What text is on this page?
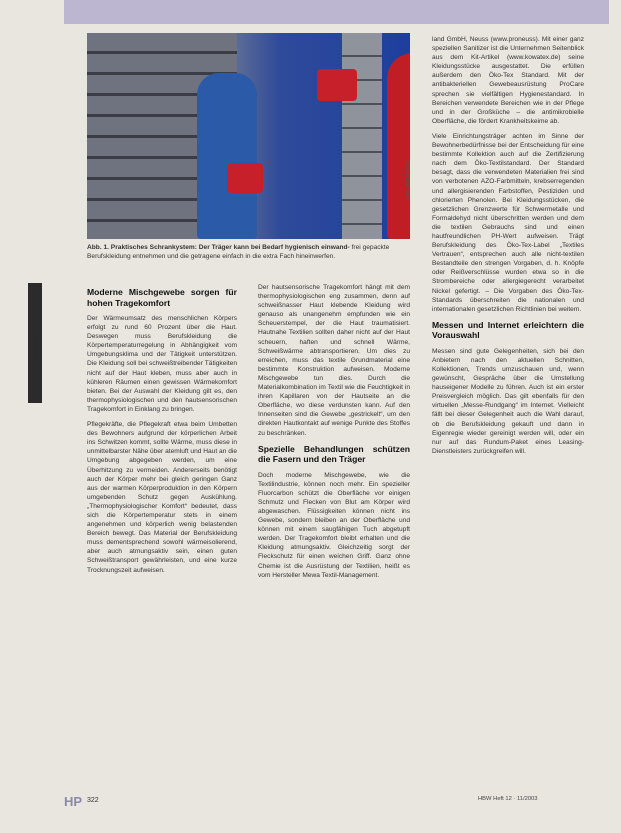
Foto: HMS/Mewa
Abb. 1. Praktisches Schrankystem: Der Träger kann bei Bedarf hygienisch einwand- frei gepackte Berufskleidung entnehmen und die getragene einfach in die extra Fach hineinwerfen.
Küche/Hauswirtschaft
Moderne Mischgewebe sorgen für hohen Tragekomfort

Der Wärmeumsatz des menschlichen Körpers erfolgt zu rund 60 Prozent über die Haut. Deswegen muss Berufskleidung die Körpertemperaturregelung in Abhängigkeit vom Umgebungsklima und der Tätigkeit unterstützen. Die Kleidung soll bei schweißtreibender Tätigkeiten nicht auf der Haut kleben, muss aber auch in kühleren Räumen einen gewissen Wärmekomfort bieten. Bei der Auswahl der Kleidung gilt es, den thermophysiologischen und den hautsensorischen Tragekomfort in Einklang zu bringen.

Pflegekräfte, die Pflegekraft etwa beim Umbetten des Bewohners aufgrund der körperlichen Arbeit ins Schwitzen kommt, sollte Wärme, muss diese in unmittelbarster Nähe über atemluft und Haut an die Umgebung abgegeben werden, um eine Überhitzung zu vermeiden. Andererseits benötigt auch der Körper mehr bei gleich geringen Ganz aus der warmen Körperproduktion in den Körpern umgebenden Schutz gegen Auskühlung. „Thermophysiologischer Komfort“ bedeutet, dass sich die Körpertemperatur stets in einem angenehmen und körperlich wenig belastenden Bereich bewegt. Das Material der Berufskleidung muss dementsprechend sowohl wärmeisolierend, aber auch atmungsaktiv sein, einen guten Schweißtransport gewährleisten, und eine kurze Trocknungszeit aufweisen.

Der hautsensorische Tragekomfort hängt mit dem thermophysiologischen eng zusammen, denn auf schweißnasser Haut klebende Kleidung wird genauso als unangenehm empfunden wie ein Scheuerstempel, der die Haut traumatisiert. Hautnahe Textilien sollten daher nicht auf der Haut scheuern, haften und schnell Wärme, Schweißwärme abtransportieren. Um dies zu erreichen, muss das textile Grundmaterial eine bestimmte Konstruktion aufweisen. Moderne Mischgewebe tun dies. Durch die Materialkombination im Textil wie die Feuchtigkeit in ihren Kapillaren von der Hautseite an die Oberfläche, wo diese verdunsten kann. Auf den Innenseiten sind die Gewebe „gestrickelt“, um den direkten Hautkontakt auf wenige Punkte des Stoffes zu beschränken.

Spezielle Behandlungen schützen die Fasern und den Träger

Doch moderne Mischgewebe, wie die Textilindustrie, können noch mehr. Ein spezieller Fluorcarbon schützt die Oberfläche vor einigen Schmutz und Flecken von Blut am Körper wird abgewaschen. Flüssigkeiten können nicht ins Gewebe, sondern bleiben an der Oberfläche und können mit einem saugfähigen Tuch abgetupft werden. Der Tragekomfort bleibt erhalten und die Kleidung atmungsaktiv. Gleichzeitig sorgt der Fleckschutz für einen weichen Griff. Ganz ohne Chemie ist die Ausrüstung der Textilien, heißt es vom Hersteller Mewa Textil-Management.

land GmbH, Neuss (www.proneuss). Mit einer ganz speziellen Sanitizer ist die Unternehmen Seitenblick aus dem Kit-Artikel (www.kowatex.de) seine Kleidungsstücke ausgestattet. Die erfüllen außerdem den Öko-Tex Standard. Mit der antibakteriellen Gewebeausrüstung ProCare sprechen sie vielfältigen Hygienestandard. In Bereichen verwendete Bereichen wie in der Pflege und in der Großküche – die antimikrobielle Oberfläche, die fördert Krankheitskeime ab.

Viele Einrichtungsträger achten im Sinne der Bewohnerbedürfnisse bei der Entscheidung für eine bestimmte Kollektion auch auf die Zertifizierung nach dem Öko-Textilstandard. Der Standard besagt, dass die verwendeten Materialien frei sind von verbotenen AZO-Farbmitteln, krebserregenden und allergisierenden Farbstoffen, Pestiziden und chlorierten Phenolen. Bei Kleidungsstücken, die gesetzlichen Grenzwerte für Schwermetalle und Formaldehyd nicht überschritten werden und dem die textilen Gebrauchs sind und einen hautfreundlichen PH-Wert aufweisen. Trägt Berufskleidung des Öko-Tex-Label „Textiles Vertrauen“, entsprechen auch alle nicht-textilen Bestandteile den strengen Vorgaben, d. h. Knöpfe oder Reißverschlüsse wurden etwa so in die Strombereiche oder allergiegerecht verarbeitet Nickel gefertigt. – Die Vorgaben des Öko-Tex-Standards überschreiten die nationalen und internationalen gesetzlichen Richtlinien bei weitem.

Messen und Internet erleichtern die Vorauswahl

Messen sind gute Gelegenheiten, sich bei den Anbietern nach den aktuellen Schnitten, Kollektionen, Trends umzuschauen und, wenn gewünscht, Gespräche über die Umstellung hauseigener Modelle zu führen. Auch ist ein erster Preisvergleich möglich. Das gilt ebenfalls für den virtuellen „Messe-Rundgang“ im Internet. Vielleicht fällt bei dieser Gelegenheit auch die Wahl darauf, ob die Berufskleidung gekauft und dann in Eigenregie wieder gereinigt werden will, oder ein nur auf das Rundum-Paket eines Leasing-Dienstleisters zurückgreifen will.

HP 322	HBW Heft 12 · 11/2003
